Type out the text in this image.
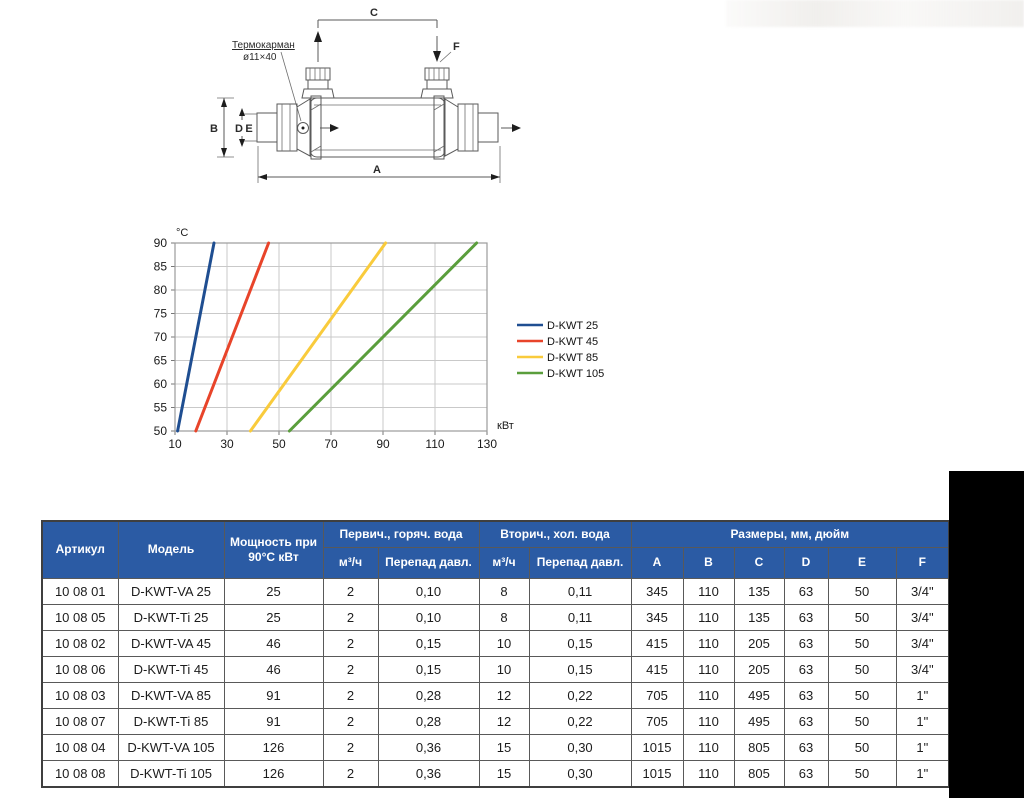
C
F
Термокарман
ø11×40
B D E
A
10	30	50	70	90	110	130
50
55
60
65
70
75
80
85
90
°C
кВт
D-KWT 25
D-KWT 45
D-KWT 85
D-KWT 105
Артикул	Модель	Мощность при 90°С кВт	Первич., горяч. вода		Вторич., хол. вода		Размеры, мм, дюйм					
			м³/ч	Перепад давл.	м³/ч	Перепад давл.	A	B	C	D	E	F
10 08 01	D-KWT-VA 25	25	2	0,10	8	0,11	345	110	135	63	50	3/4"
10 08 05	D-KWT-Ti 25	25	2	0,10	8	0,11	345	110	135	63	50	3/4"
10 08 02	D-KWT-VA 45	46	2	0,15	10	0,15	415	110	205	63	50	3/4"
10 08 06	D-KWT-Ti 45	46	2	0,15	10	0,15	415	110	205	63	50	3/4"
10 08 03	D-KWT-VA 85	91	2	0,28	12	0,22	705	110	495	63	50	1"
10 08 07	D-KWT-Ti 85	91	2	0,28	12	0,22	705	110	495	63	50	1"
10 08 04	D-KWT-VA 105	126	2	0,36	15	0,30	1015	110	805	63	50	1"
10 08 08	D-KWT-Ti 105	126	2	0,36	15	0,30	1015	110	805	63	50	1"
